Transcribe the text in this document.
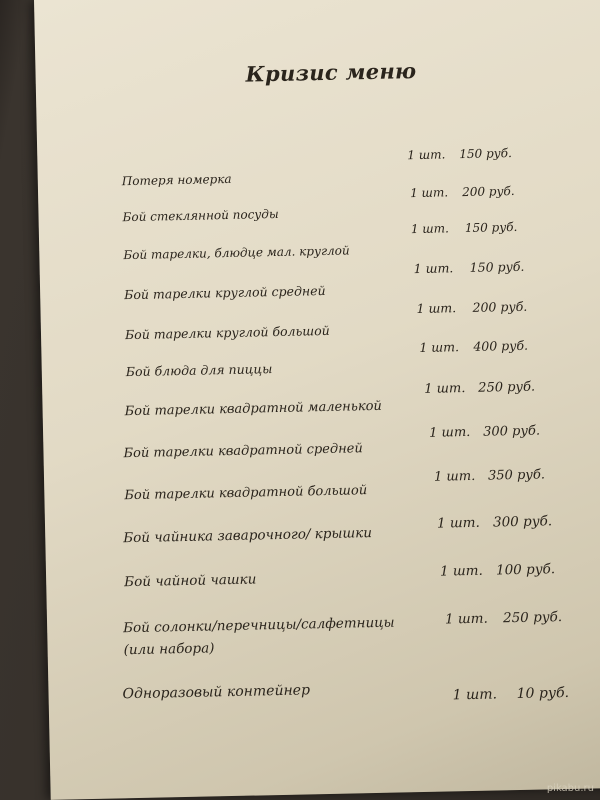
Кризис меню
Потеря номерка
1 шт. 150 руб.
Бой стеклянной посуды
1 шт. 200 руб.
Бой тарелки, блюдце мал. круглой
1 шт. 150 руб.
Бой тарелки круглой средней
1 шт. 150 руб.
Бой тарелки круглой большой
1 шт. 200 руб.
Бой блюда для пиццы
1 шт. 400 руб.
Бой тарелки квадратной маленькой
1 шт. 250 руб.
Бой тарелки квадратной средней
1 шт. 300 руб.
Бой тарелки квадратной большой
1 шт. 350 руб.
Бой чайника заварочного/ крышки
1 шт. 300 руб.
Бой чайной чашки
1 шт. 100 руб.
Бой солонки/перечницы/салфетницы
(или набора)
1 шт. 250 руб.
Одноразовый контейнер	1 шт. 10 руб.
pikabu.ru
